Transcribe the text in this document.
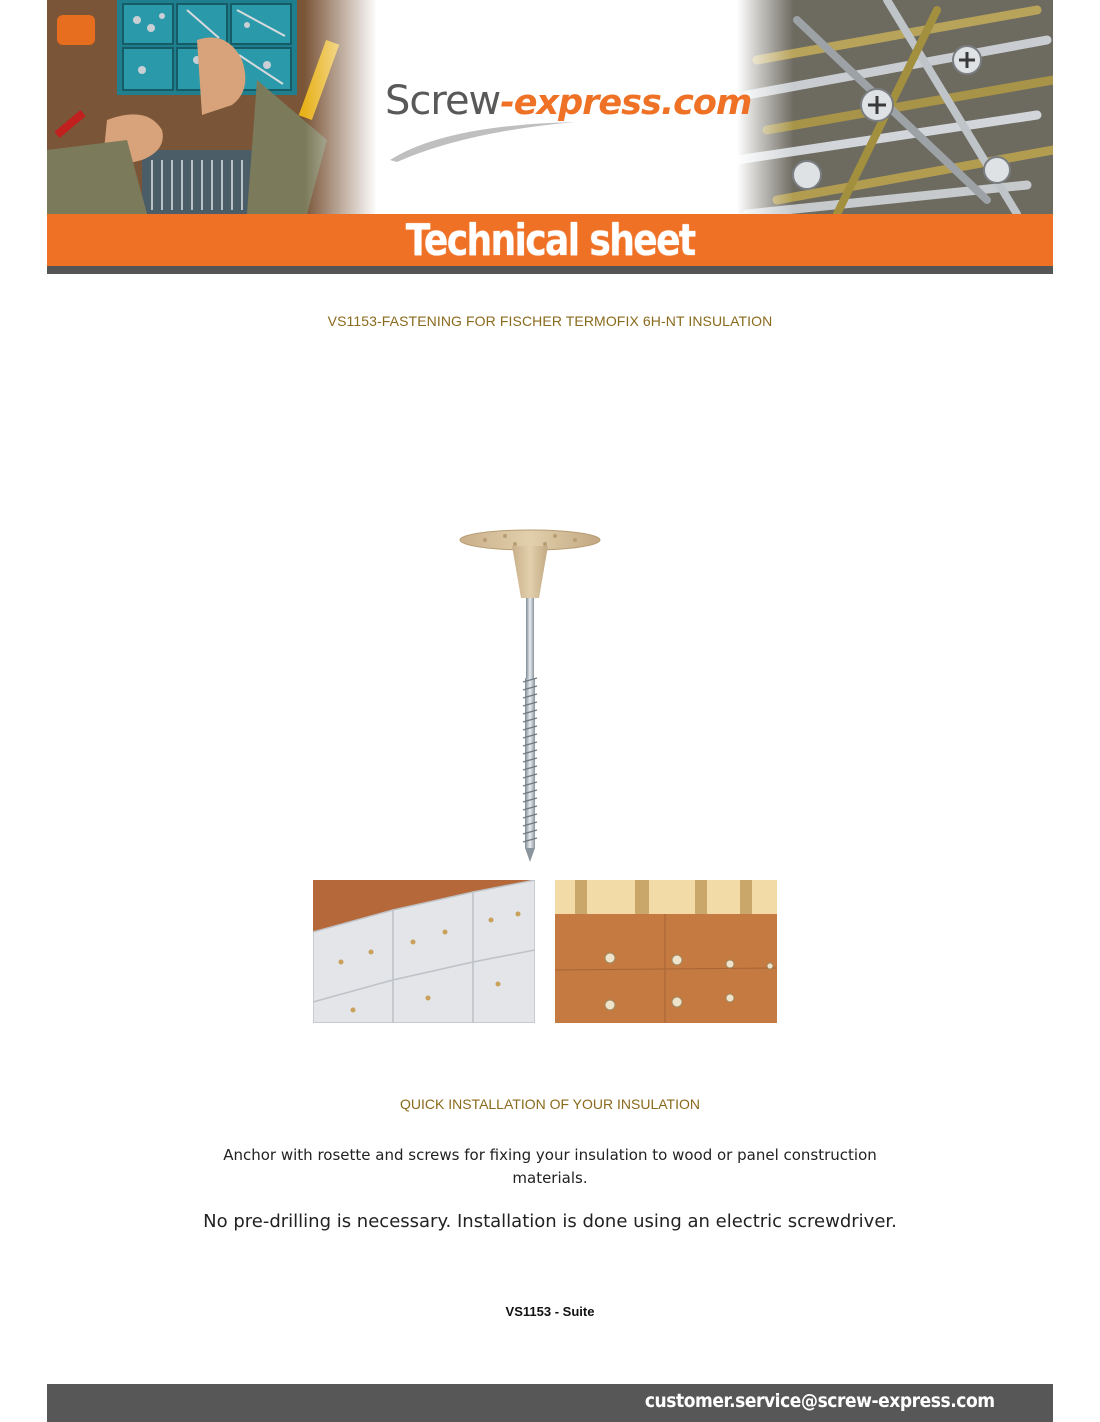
Screw-express.com
Technical sheet
VS1153-FASTENING FOR FISCHER TERMOFIX 6H-NT INSULATION
QUICK INSTALLATION OF YOUR INSULATION
Anchor with rosette and screws for fixing your insulation to wood or panel construction materials.
No pre-drilling is necessary. Installation is done using an electric screwdriver.
VS1153 - Suite
customer.service@screw-express.com
